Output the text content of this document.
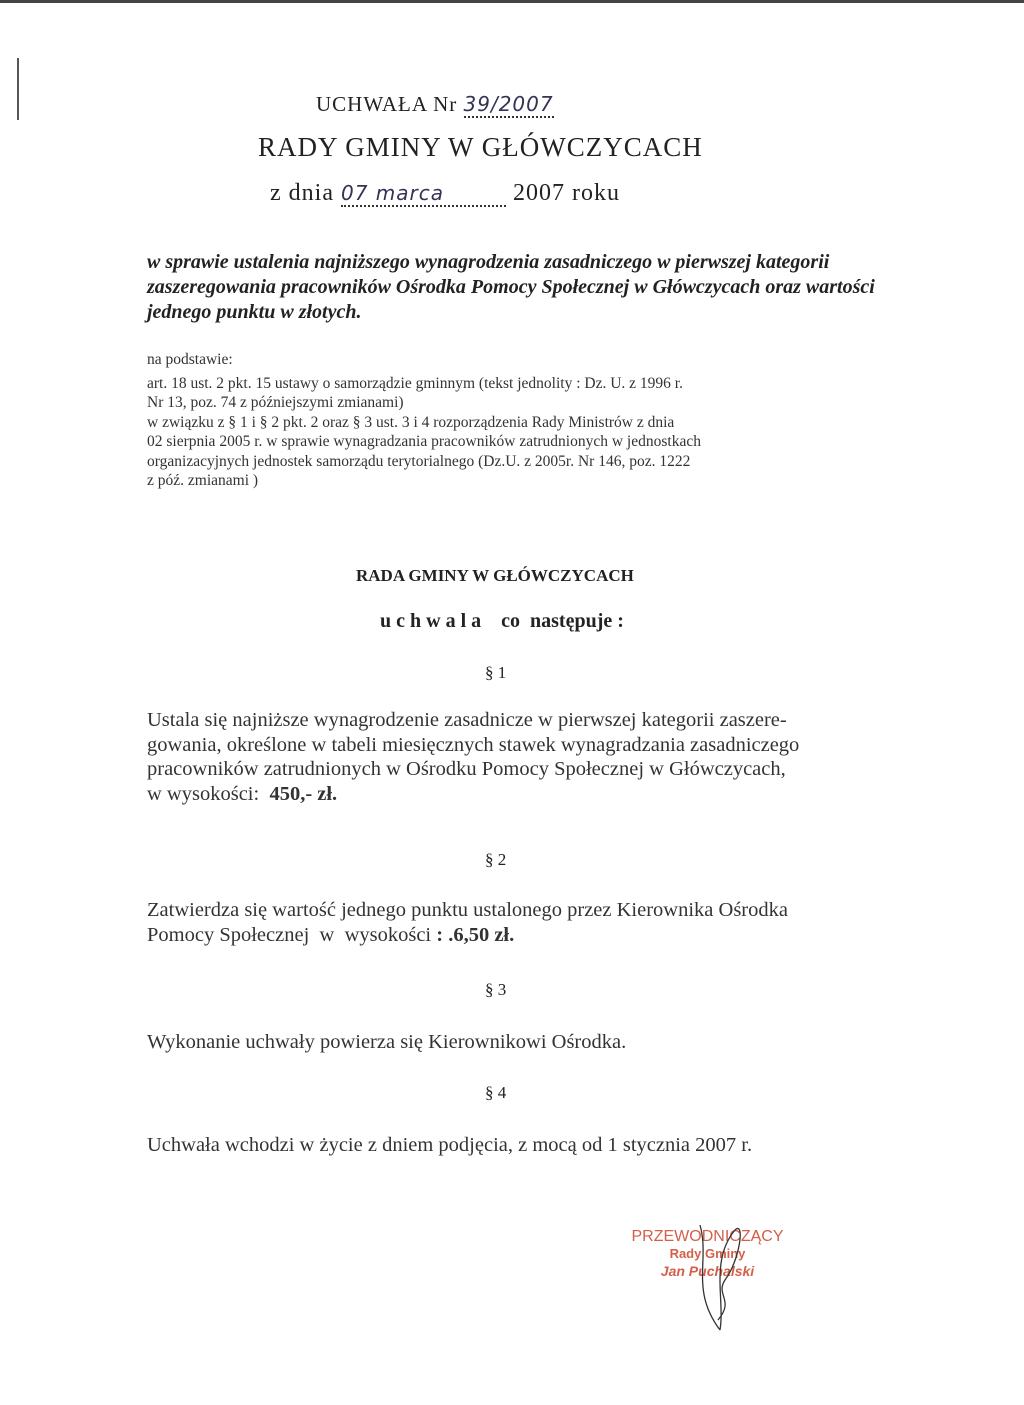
UCHWAŁA Nr 39/2007
RADY GMINY W GŁÓWCZYCACH
z dnia 07 marca	2007 roku
w sprawie ustalenia najniższego wynagrodzenia zasadniczego w pierwszej kategorii zaszeregowania pracowników Ośrodka Pomocy Społecznej w Główczycach oraz wartości jednego punktu w złotych.
na podstawie:
art. 18 ust. 2 pkt. 15 ustawy o samorządzie gminnym (tekst jednolity : Dz. U. z 1996 r.
Nr 13, poz. 74 z późniejszymi zmianami)
w związku z § 1 i § 2 pkt. 2 oraz § 3 ust. 3 i 4 rozporządzenia Rady Ministrów z dnia
02 sierpnia 2005 r. w sprawie wynagradzania pracowników zatrudnionych w jednostkach
organizacyjnych jednostek samorządu terytorialnego (Dz.U. z 2005r. Nr 146, poz. 1222
z póź. zmianami )
RADA GMINY W GŁÓWCZYCACH
u c h w a l a    co  następuje :
§ 1
Ustala się najniższe wynagrodzenie zasadnicze w pierwszej kategorii zaszere-
gowania, określone w tabeli miesięcznych stawek wynagradzania zasadniczego
pracowników zatrudnionych w Ośrodku Pomocy Społecznej w Główczycach,
w wysokości:  450,- zł.
§ 2
Zatwierdza się wartość jednego punktu ustalonego przez Kierownika Ośrodka
Pomocy Społecznej  w  wysokości : .6,50 zł.
§ 3
Wykonanie uchwały powierza się Kierownikowi Ośrodka.
§ 4
Uchwała wchodzi w życie z dniem podjęcia, z mocą od 1 stycznia 2007 r.
PRZEWODNICZĄCY
Rady Gminy
Jan Puchalski
